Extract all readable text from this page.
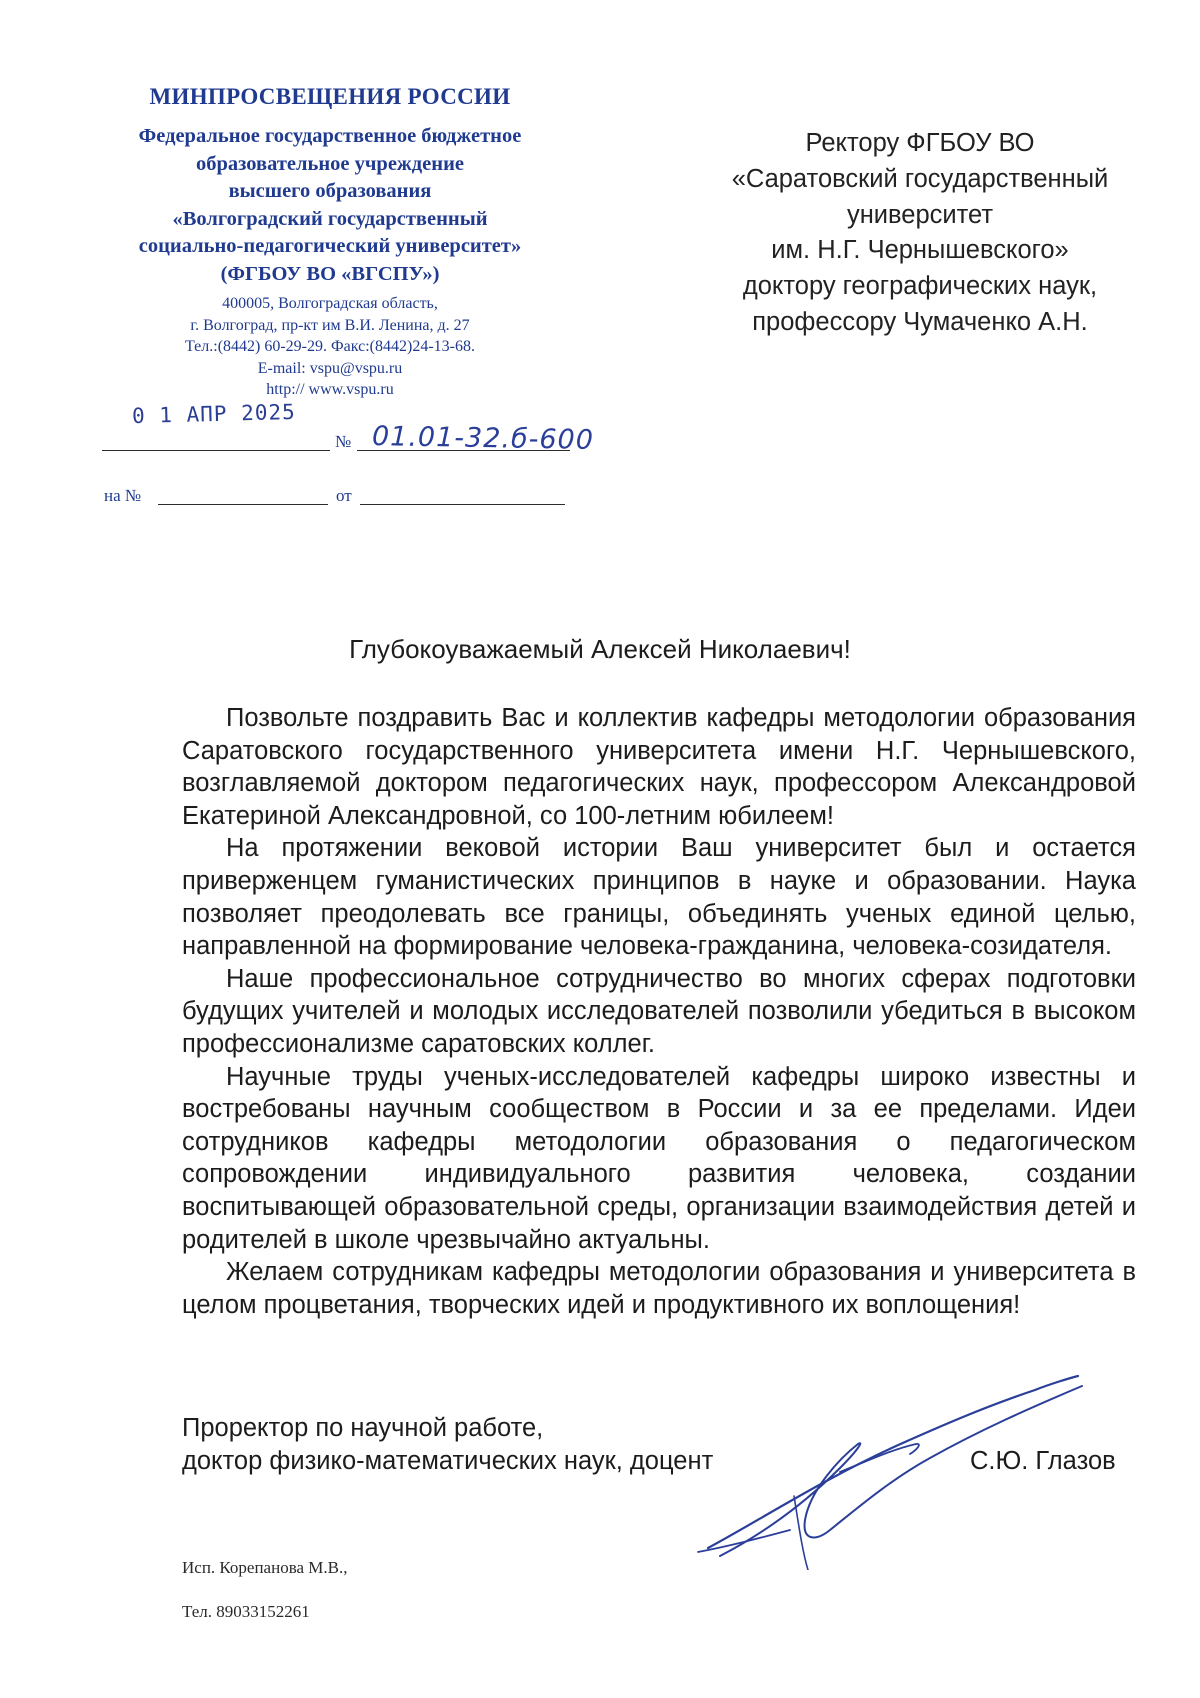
МИНПРОСВЕЩЕНИЯ РОССИИ
Федеральное государственное бюджетное
образовательное учреждение
высшего образования
«Волгоградский государственный
социально-педагогический университет»
(ФГБОУ ВО «ВГСПУ»)
400005, Волгоградская область,
г. Волгоград, пр-кт им В.И. Ленина, д. 27
Тел.:(8442) 60-29-29. Факс:(8442)24-13-68.
E-mail: vspu@vspu.ru
http:// www.vspu.ru
0 1 АПР 2025
№ 01.01-32.б-600
на №	от
Ректору ФГБОУ ВО
«Саратовский государственный
университет
им. Н.Г. Чернышевского»
доктору географических наук,
профессору Чумаченко А.Н.
Глубокоуважаемый Алексей Николаевич!

Позвольте поздравить Вас и коллектив кафедры методологии образования Саратовского государственного университета имени Н.Г. Чернышевского, возглавляемой доктором педагогических наук, профессором Александровой Екатериной Александровной, со 100-летним юбилеем!

На протяжении вековой истории Ваш университет был и остается приверженцем гуманистических принципов в науке и образовании. Наука позволяет преодолевать все границы, объединять ученых единой целью, направленной на формирование человека-гражданина, человека-созидателя.

Наше профессиональное сотрудничество во многих сферах подготовки будущих учителей и молодых исследователей позволили убедиться в высоком профессионализме саратовских коллег.

Научные труды ученых-исследователей кафедры широко известны и востребованы научным сообществом в России и за ее пределами. Идеи сотрудников кафедры методологии образования о педагогическом сопровождении индивидуального развития человека, создании воспитывающей образовательной среды, организации взаимодействия детей и родителей в школе чрезвычайно актуальны.

Желаем сотрудникам кафедры методологии образования и университета в целом процветания, творческих идей и продуктивного их воплощения!

Проректор по научной работе,
доктор физико-математических наук, доцент	С.Ю. Глазов
Исп. Корепанова М.В.,
Тел. 89033152261
